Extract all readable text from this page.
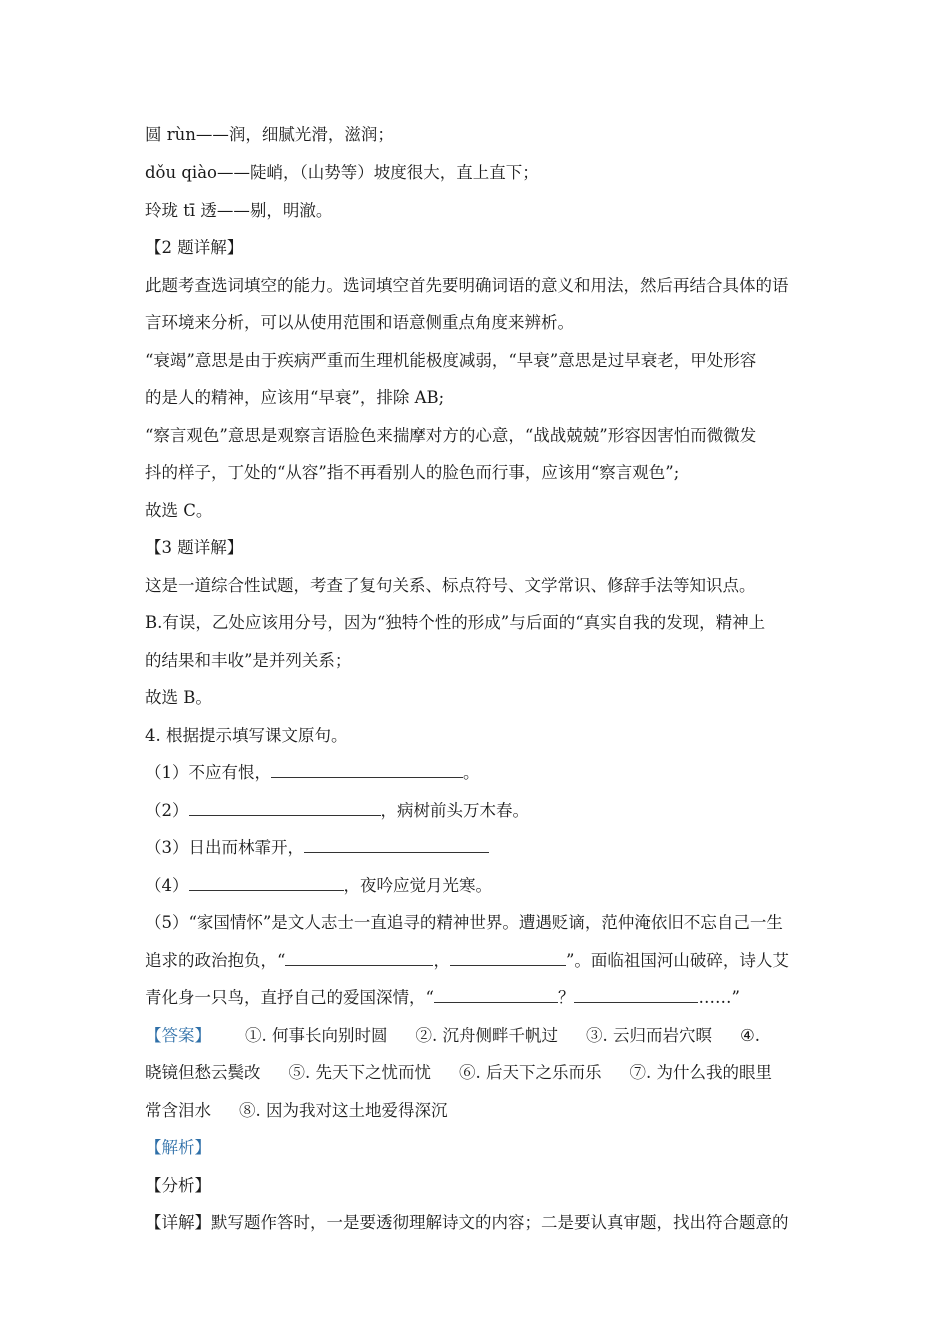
圆 rùn——润，细腻光滑，滋润；
dǒu qiào——陡峭，（山势等）坡度很大，直上直下；
玲珑 tī 透——剔，明澈。
【2 题详解】
此题考查选词填空的能力。选词填空首先要明确词语的意义和用法，然后再结合具体的语
言环境来分析，可以从使用范围和语意侧重点角度来辨析。
“衰竭”意思是由于疾病严重而生理机能极度减弱，“早衰”意思是过早衰老，甲处形容
的是人的精神，应该用“早衰”，排除 AB;
“察言观色”意思是观察言语脸色来揣摩对方的心意，“战战兢兢”形容因害怕而微微发
抖的样子，丁处的“从容”指不再看别人的脸色而行事，应该用“察言观色”;
故选 C。
【3 题详解】
这是一道综合性试题，考查了复句关系、标点符号、文学常识、修辞手法等知识点。
B.有误，乙处应该用分号，因为“独特个性的形成”与后面的“真实自我的发现，精神上
的结果和丰收”是并列关系；
故选 B。
4. 根据提示填写课文原句。
（1）不应有恨，	。
（2）	，病树前头万木春。
（3）日出而林霏开，
（4）	，夜吟应觉月光寒。
（5）“家国情怀”是文人志士一直追寻的精神世界。遭遇贬谪，范仲淹依旧不忘自己一生
追求的政治抱负，“	，	”。面临祖国河山破碎，诗人艾
青化身一只鸟，直抒自己的爱国深情，“	？	……”
【答案】 ①. 何事长向别时圆 ②. 沉舟侧畔千帆过 ③. 云归而岩穴暝 ④.
晓镜但愁云鬓改 ⑤. 先天下之忧而忧 ⑥. 后天下之乐而乐 ⑦. 为什么我的眼里
常含泪水 ⑧. 因为我对这土地爱得深沉
【解析】
【分析】
【详解】默写题作答时，一是要透彻理解诗文的内容；二是要认真审题，找出符合题意的
